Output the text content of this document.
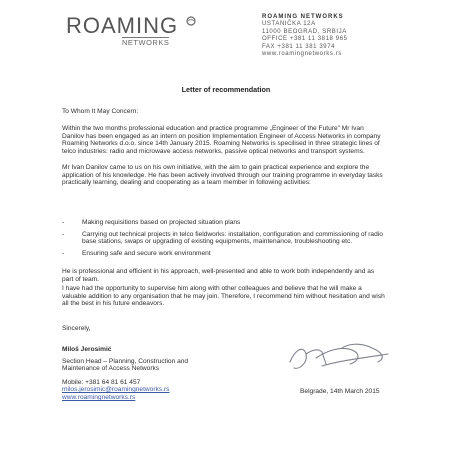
ROAMING
NETWORKS
ROAMING NETWORKS
USTANIČKA 12A
11000 BEOGRAD, SRBIJA
OFFICE +381 11 3818 965
FAX +381 11 381 3974
www.roamingnetworks.rs
Letter of recommendation
To Whom It May Concern:
Within the two months professional education and practice programme „Engineer of the Future" Mr Ivan Danilov has been engaged as an intern on position Implementation Engineer of Access Networks in company Roaming Networks d.o.o. since 14th January 2015. Roaming Networks is specilised in three strategic lines of telco industries: radio and microwave access networks, passive optical networks and transport systems.
Mr Ivan Danilov came to us on his own initiative, with the aim to gain practical experience and explore the application of his knowledge. He has been actively involved through our training programme in everyday tasks practically learning, dealing and cooperating as a team member in following activities:
-	Making requisitions based on projected situation plans
-	Carrying out technical projects in telco fieldworks: installation, configuration and commissioning of radio base stations, swaps or upgrading of existing equipments, maintenance, troubleshooting etc.
-	Ensuring safe and secure work environment
He is professional and efficient in his approach, well-presented and able to work both independently and as part of team.
I have had the opportunity to supervise him along with other colleagues and believe that he will make a valuable addition to any organisation that he may join. Therefore, I recommend him without hesitation and wish all the best in his future endeavors.
Sincerely,
Miloš Jerosimić
Section Head – Planning, Construction and Maintenance of Access Networks
Mobile: +381 64 81 61 457
milos.jerosimic@roamingnetworks.rs
www.roamingnetworks.rs
Belgrade, 14th March 2015
